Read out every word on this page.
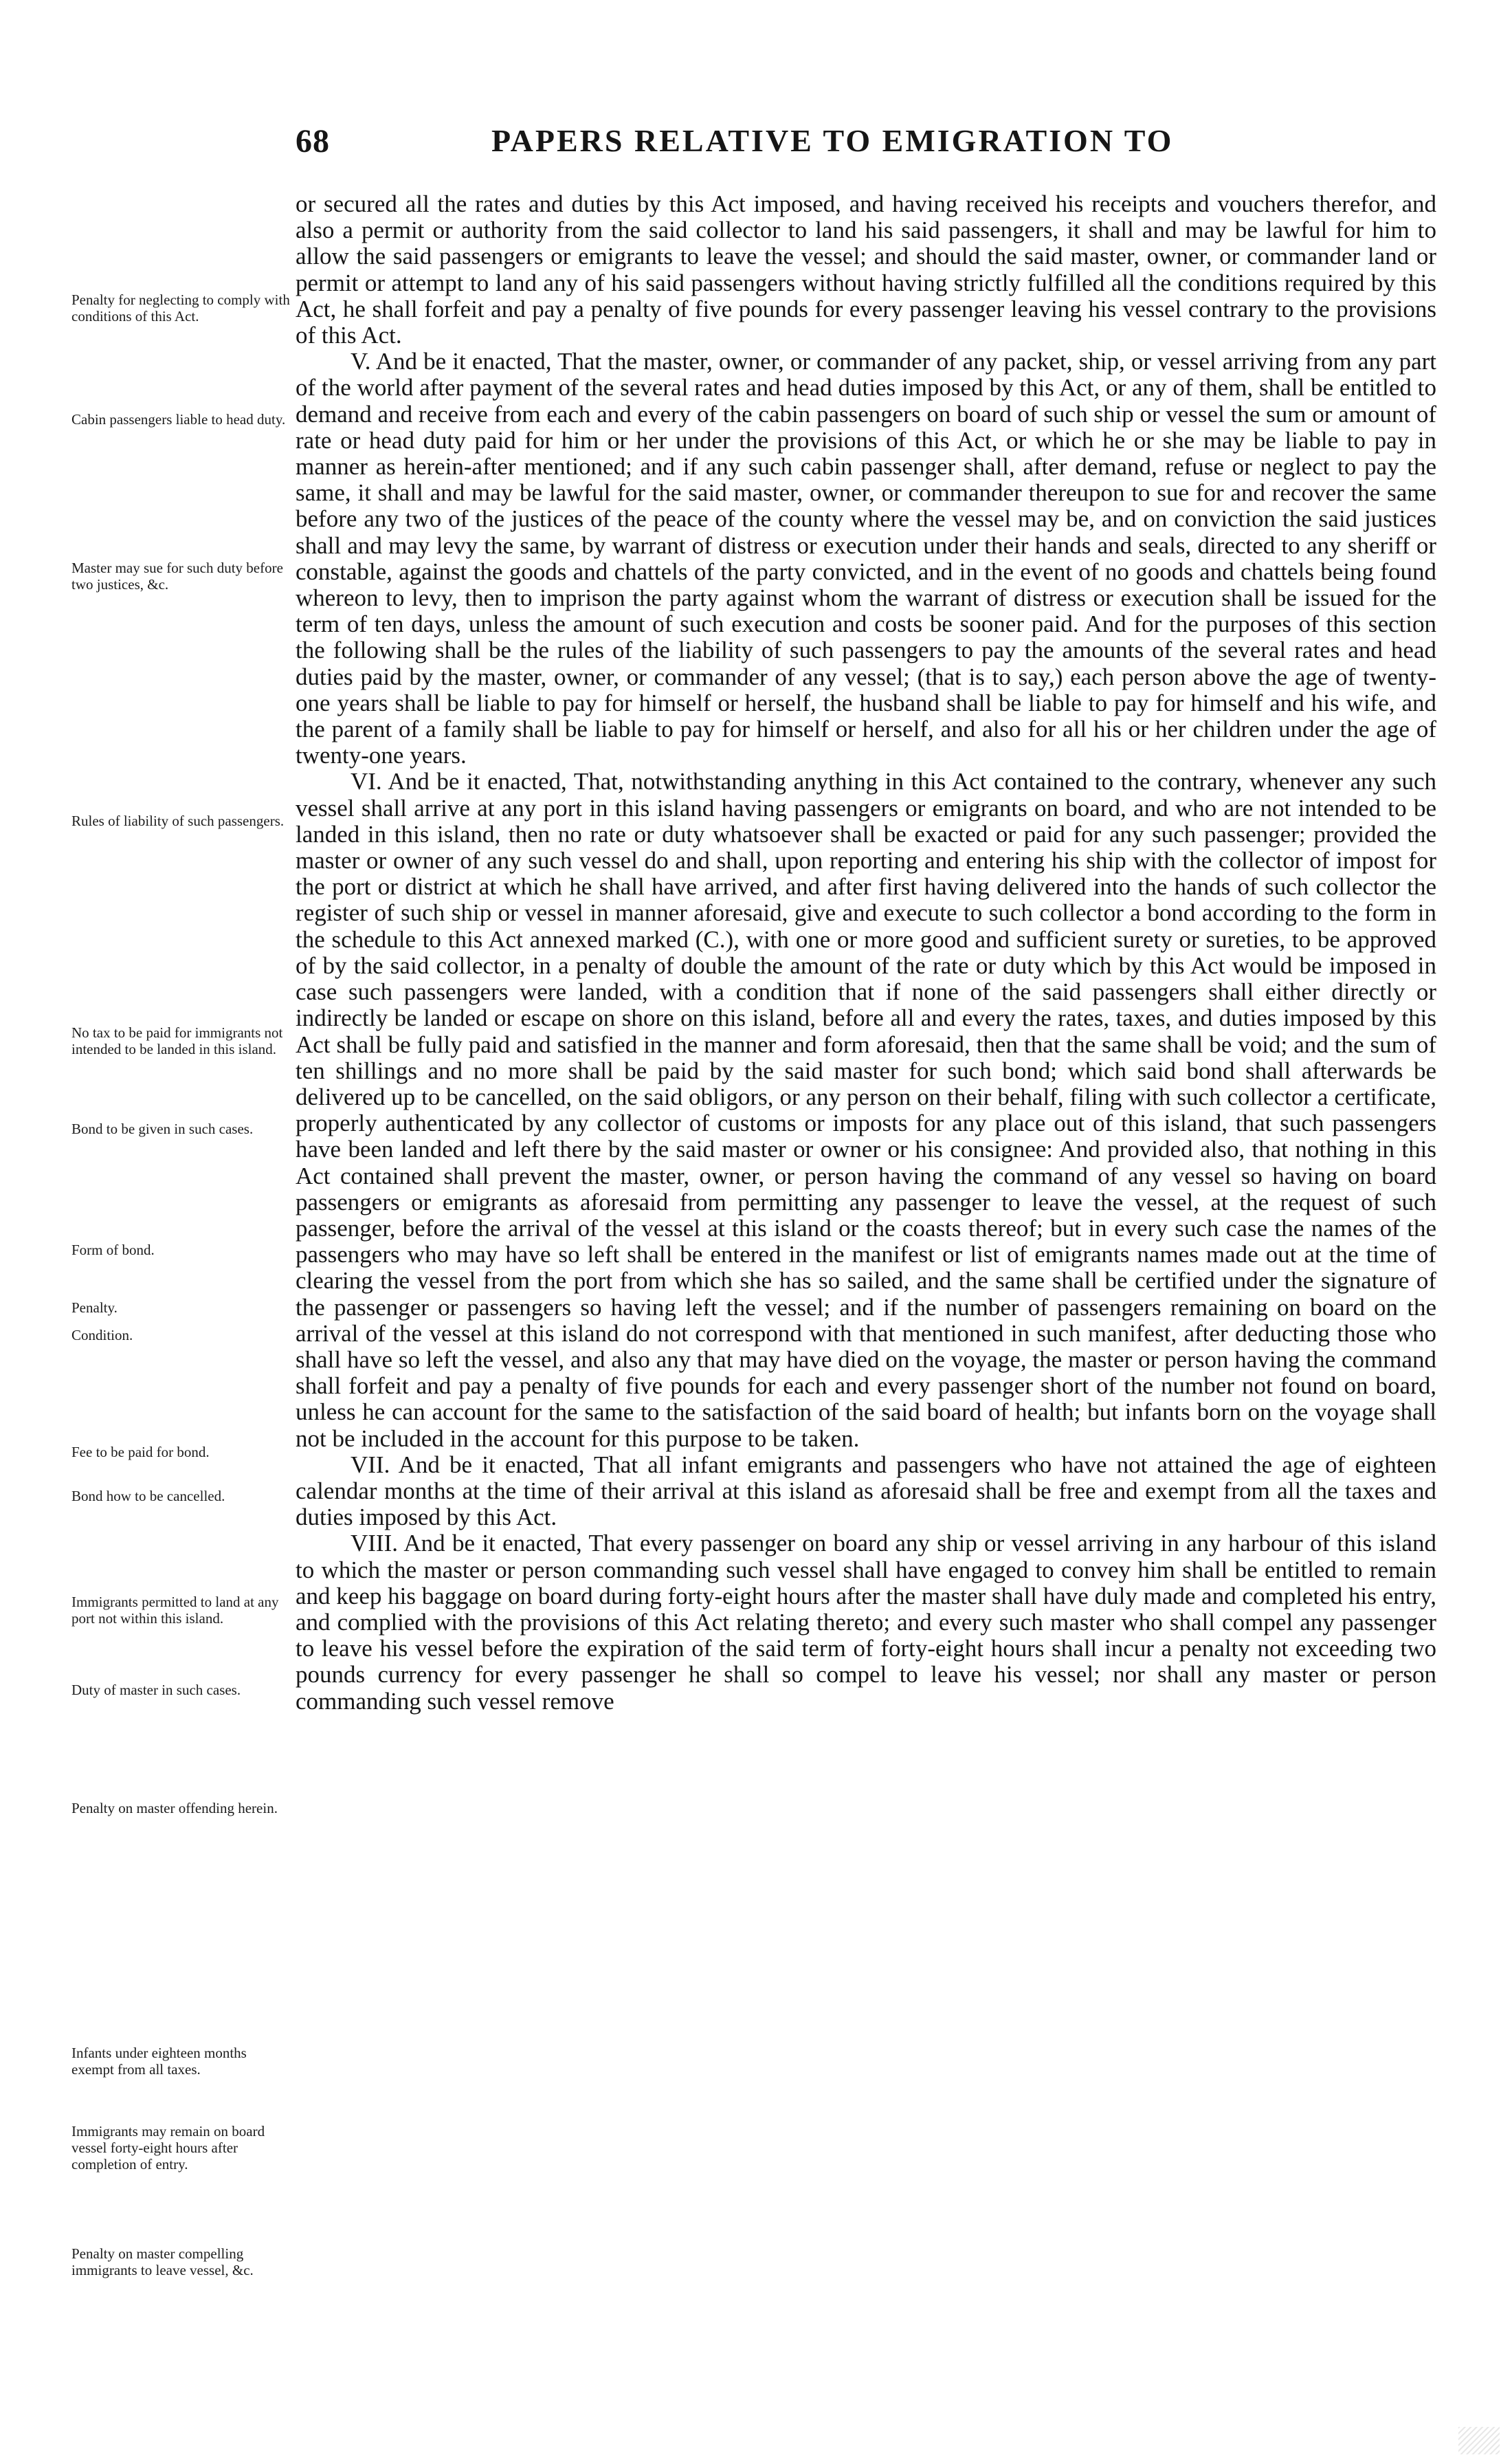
68	PAPERS RELATIVE TO EMIGRATION TO
Penalty for neglecting to comply with conditions of this Act.
Cabin passengers liable to head duty.
Master may sue for such duty before two justices, &c.
Rules of liability of such passengers.
No tax to be paid for immigrants not intended to be landed in this island.
Bond to be given in such cases.
Form of bond.
Penalty.
Condition.
Fee to be paid for bond.
Bond how to be cancelled.
Immigrants permitted to land at any port not within this island.
Duty of master in such cases.
Penalty on master offending herein.
Infants under eighteen months exempt from all taxes.
Immigrants may remain on board vessel forty-eight hours after completion of entry.
Penalty on master compelling immigrants to leave vessel, &c.

or secured all the rates and duties by this Act imposed, and having received his receipts and vouchers therefor, and also a permit or authority from the said collector to land his said passengers, it shall and may be lawful for him to allow the said passengers or emigrants to leave the vessel; and should the said master, owner, or commander land or permit or attempt to land any of his said passengers without having strictly fulfilled all the conditions required by this Act, he shall forfeit and pay a penalty of five pounds for every passenger leaving his vessel contrary to the provisions of this Act.

V. And be it enacted, That the master, owner, or commander of any packet, ship, or vessel arriving from any part of the world after payment of the several rates and head duties imposed by this Act, or any of them, shall be entitled to demand and receive from each and every of the cabin passengers on board of such ship or vessel the sum or amount of rate or head duty paid for him or her under the provisions of this Act, or which he or she may be liable to pay in manner as herein-after mentioned; and if any such cabin passenger shall, after demand, refuse or neglect to pay the same, it shall and may be lawful for the said master, owner, or commander thereupon to sue for and recover the same before any two of the justices of the peace of the county where the vessel may be, and on conviction the said justices shall and may levy the same, by warrant of distress or execution under their hands and seals, directed to any sheriff or constable, against the goods and chattels of the party convicted, and in the event of no goods and chattels being found whereon to levy, then to imprison the party against whom the warrant of distress or execution shall be issued for the term of ten days, unless the amount of such execution and costs be sooner paid. And for the purposes of this section the following shall be the rules of the liability of such passengers to pay the amounts of the several rates and head duties paid by the master, owner, or commander of any vessel; (that is to say,) each person above the age of twenty-one years shall be liable to pay for himself or herself, the husband shall be liable to pay for himself and his wife, and the parent of a family shall be liable to pay for himself or herself, and also for all his or her children under the age of twenty-one years.

VI. And be it enacted, That, notwithstanding anything in this Act contained to the contrary, whenever any such vessel shall arrive at any port in this island having passengers or emigrants on board, and who are not intended to be landed in this island, then no rate or duty whatsoever shall be exacted or paid for any such passenger; provided the master or owner of any such vessel do and shall, upon reporting and entering his ship with the collector of impost for the port or district at which he shall have arrived, and after first having delivered into the hands of such collector the register of such ship or vessel in manner aforesaid, give and execute to such collector a bond according to the form in the schedule to this Act annexed marked (C.), with one or more good and sufficient surety or sureties, to be approved of by the said collector, in a penalty of double the amount of the rate or duty which by this Act would be imposed in case such passengers were landed, with a condition that if none of the said passengers shall either directly or indirectly be landed or escape on shore on this island, before all and every the rates, taxes, and duties imposed by this Act shall be fully paid and satisfied in the manner and form aforesaid, then that the same shall be void; and the sum of ten shillings and no more shall be paid by the said master for such bond; which said bond shall afterwards be delivered up to be cancelled, on the said obligors, or any person on their behalf, filing with such collector a certificate, properly authenticated by any collector of customs or imposts for any place out of this island, that such passengers have been landed and left there by the said master or owner or his consignee: And provided also, that nothing in this Act contained shall prevent the master, owner, or person having the command of any vessel so having on board passengers or emigrants as aforesaid from permitting any passenger to leave the vessel, at the request of such passenger, before the arrival of the vessel at this island or the coasts thereof; but in every such case the names of the passengers who may have so left shall be entered in the manifest or list of emigrants names made out at the time of clearing the vessel from the port from which she has so sailed, and the same shall be certified under the signature of the passenger or passengers so having left the vessel; and if the number of passengers remaining on board on the arrival of the vessel at this island do not correspond with that mentioned in such manifest, after deducting those who shall have so left the vessel, and also any that may have died on the voyage, the master or person having the command shall forfeit and pay a penalty of five pounds for each and every passenger short of the number not found on board, unless he can account for the same to the satisfaction of the said board of health; but infants born on the voyage shall not be included in the account for this purpose to be taken.

VII. And be it enacted, That all infant emigrants and passengers who have not attained the age of eighteen calendar months at the time of their arrival at this island as aforesaid shall be free and exempt from all the taxes and duties imposed by this Act.

VIII. And be it enacted, That every passenger on board any ship or vessel arriving in any harbour of this island to which the master or person commanding such vessel shall have engaged to convey him shall be entitled to remain and keep his baggage on board during forty-eight hours after the master shall have duly made and completed his entry, and complied with the provisions of this Act relating thereto; and every such master who shall compel any passenger to leave his vessel before the expiration of the said term of forty-eight hours shall incur a penalty not exceeding two pounds currency for every passenger he shall so compel to leave his vessel; nor shall any master or person commanding such vessel remove
